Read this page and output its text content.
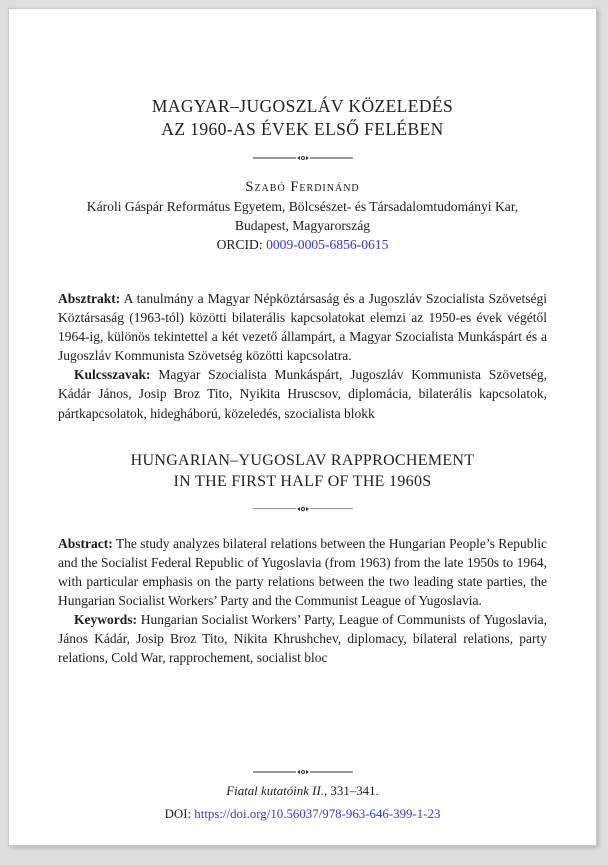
MAGYAR–JUGOSZLÁV KÖZELEDÉS
AZ 1960-AS ÉVEK ELSŐ FELÉBEN
Szabó Ferdinánd
Károli Gáspár Református Egyetem, Bölcsészet- és Társadalomtudományi Kar,
Budapest, Magyarország
ORCID: 0009-0005-6856-0615

Absztrakt: A tanulmány a Magyar Népköztársaság és a Jugoszláv Szocialista Szövetségi Köztársaság (1963-tól) közötti bilaterális kapcsolatokat elemzi az 1950-es évek végétől 1964-ig, különös tekintettel a két vezető állampárt, a Magyar Szocialista Munkáspárt és a Jugoszláv Kommunista Szövetség közötti kapcsolatra.

Kulcsszavak: Magyar Szocialista Munkáspárt, Jugoszláv Kommunista Szövetség, Kádár János, Josip Broz Tito, Nyikita Hruscsov, diplomácia, bilaterális kapcsolatok, pártkapcsolatok, hidegháború, közeledés, szocialista blokk

HUNGARIAN–YUGOSLAV RAPPROCHEMENT
IN THE FIRST HALF OF THE 1960S

Abstract: The study analyzes bilateral relations between the Hungarian People’s Republic and the Socialist Federal Republic of Yugoslavia (from 1963) from the late 1950s to 1964, with particular emphasis on the party relations between the two leading state parties, the Hungarian Socialist Workers’ Party and the Communist League of Yugoslavia.

Keywords: Hungarian Socialist Workers’ Party, League of Communists of Yugoslavia, János Kádár, Josip Broz Tito, Nikita Khrushchev, diplomacy, bilateral relations, party relations, Cold War, rapprochement, socialist bloc

Fiatal kutatóink II., 331–341.
DOI: https://doi.org/10.56037/978-963-646-399-1-23
